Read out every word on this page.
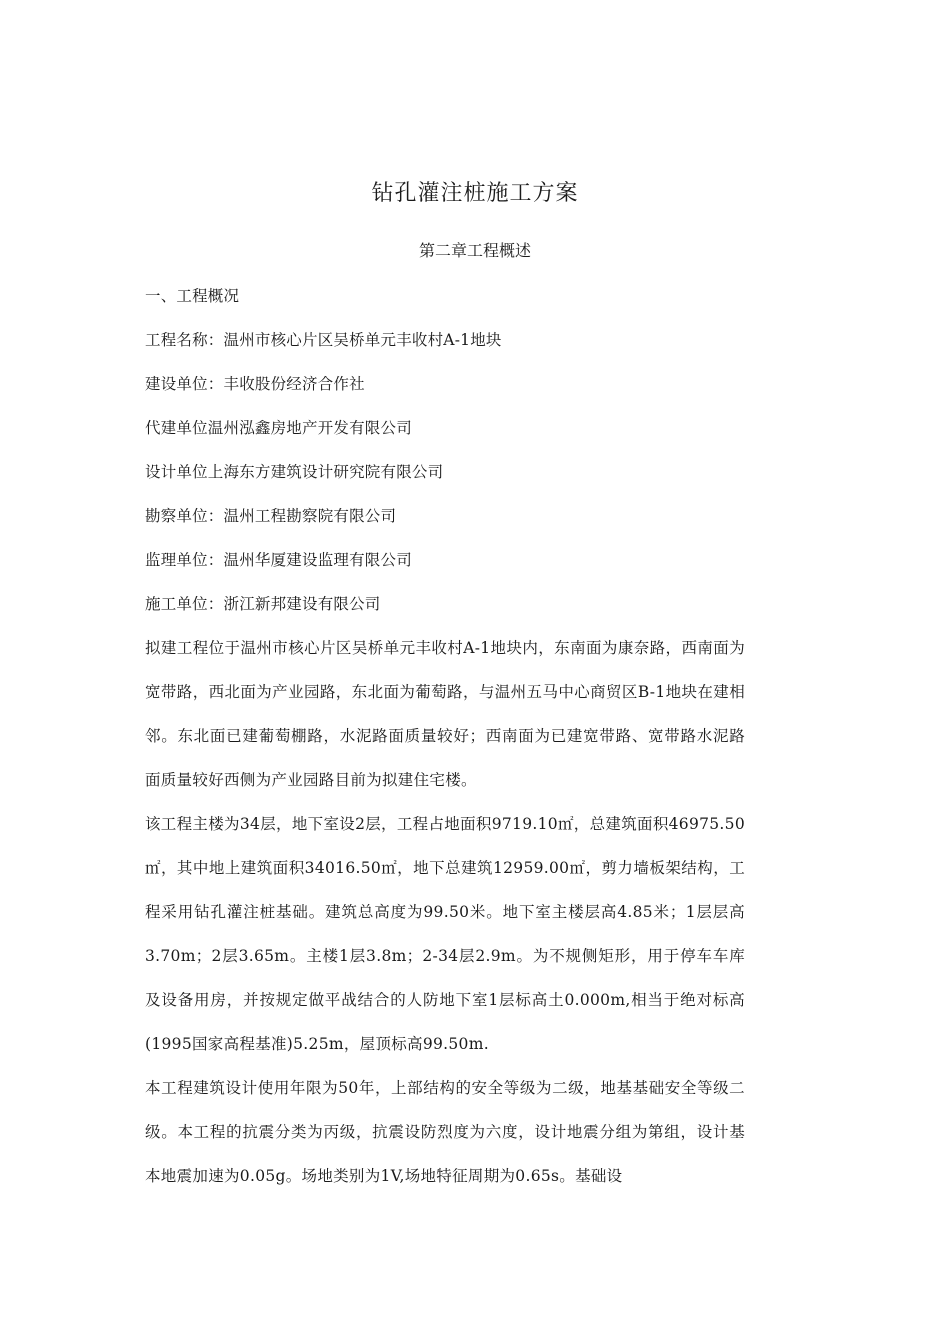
钻孔灌注桩施工方案
第二章工程概述
一、工程概况
工程名称：温州市核心片区吴桥单元丰收村A-1地块
建设单位：丰收股份经济合作社
代建单位温州泓鑫房地产开发有限公司
设计单位上海东方建筑设计研究院有限公司
勘察单位：温州工程勘察院有限公司
监理单位：温州华厦建设监理有限公司
施工单位：浙江新邦建设有限公司
拟建工程位于温州市核心片区吴桥单元丰收村A-1地块内，东南面为康奈路，西南面为宽带路，西北面为产业园路，东北面为葡萄路，与温州五马中心商贸区B-1地块在建相邻。东北面已建葡萄棚路，水泥路面质量较好；西南面为已建宽带路、宽带路水泥路面质量较好西侧为产业园路目前为拟建住宅楼。
该工程主楼为34层，地下室设2层，工程占地面积9719.10㎡，总建筑面积46975.50㎡，其中地上建筑面积34016.50㎡，地下总建筑12959.00㎡，剪力墙板架结构，工程采用钻孔灌注桩基础。建筑总高度为99.50米。地下室主楼层高4.85米；1层层高3.70m；2层3.65m。主楼1层3.8m；2-34层2.9m。为不规侧矩形，用于停车车库及设备用房，并按规定做平战结合的人防地下室1层标高土0.000m,相当于绝对标高(1995国家高程基准)5.25m，屋顶标高99.50m.
本工程建筑设计使用年限为50年，上部结构的安全等级为二级，地基基础安全等级二级。本工程的抗震分类为丙级，抗震设防烈度为六度，设计地震分组为第组，设计基本地震加速为0.05g。场地类别为1V,场地特征周期为0.65s。基础设
